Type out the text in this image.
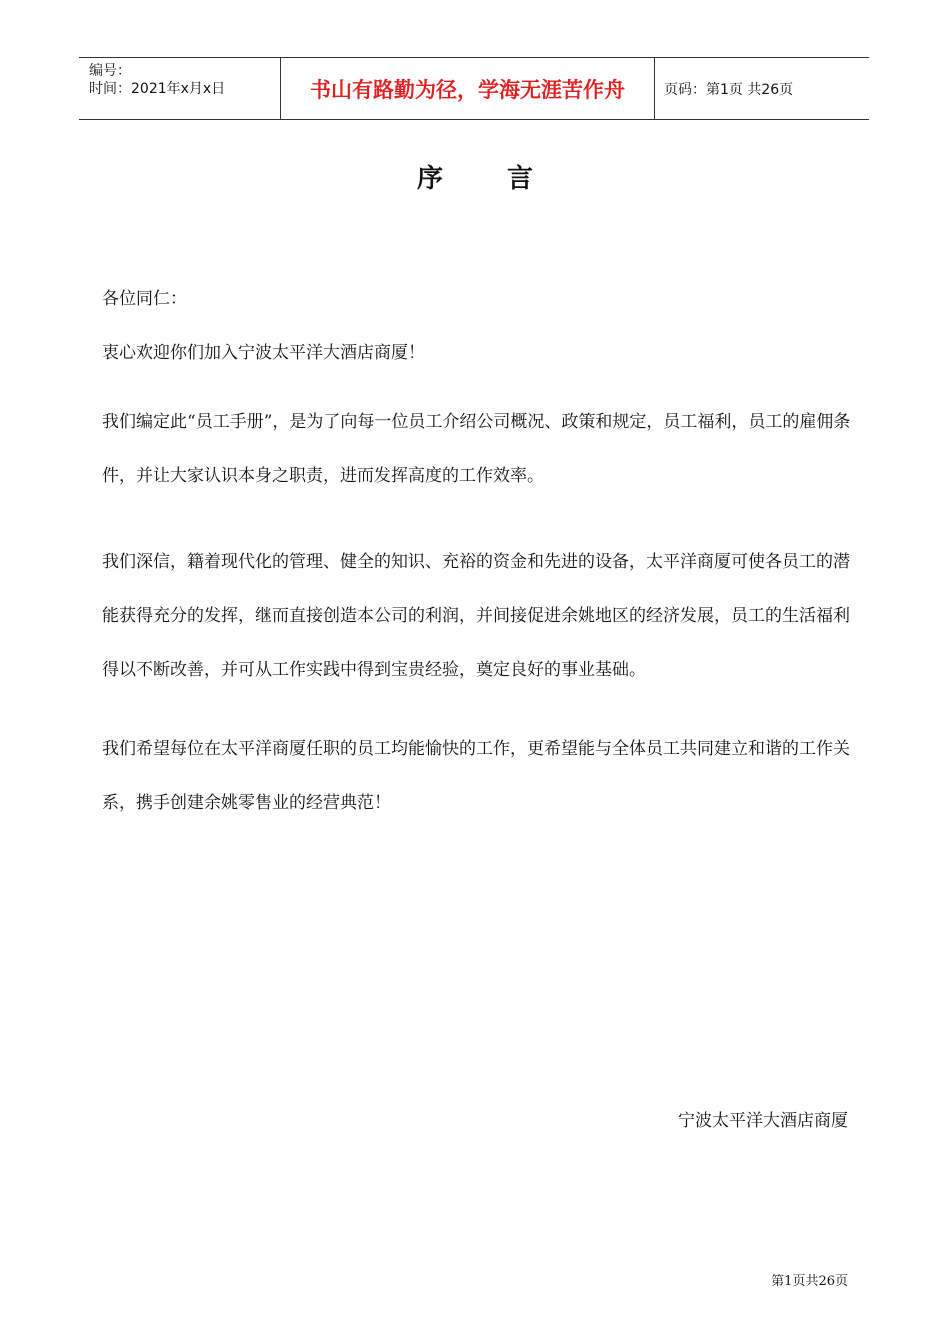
编号：
时间：2021年x月x日	书山有路勤为径，学海无涯苦作舟	页码：第1页 共26页
序言

各位同仁：

衷心欢迎你们加入宁波太平洋大酒店商厦！

我们编定此“员工手册”，是为了向每一位员工介绍公司概况、政策和规定，员工福利，员工的雇佣条件，并让大家认识本身之职责，进而发挥高度的工作效率。

我们深信，籍着现代化的管理、健全的知识、充裕的资金和先进的设备，太平洋商厦可使各员工的潜能获得充分的发挥，继而直接创造本公司的利润，并间接促进余姚地区的经济发展，员工的生活福利得以不断改善，并可从工作实践中得到宝贵经验，奠定良好的事业基础。

我们希望每位在太平洋商厦任职的员工均能愉快的工作，更希望能与全体员工共同建立和谐的工作关系，携手创建余姚零售业的经营典范！

宁波太平洋大酒店商厦
第1页共26页
